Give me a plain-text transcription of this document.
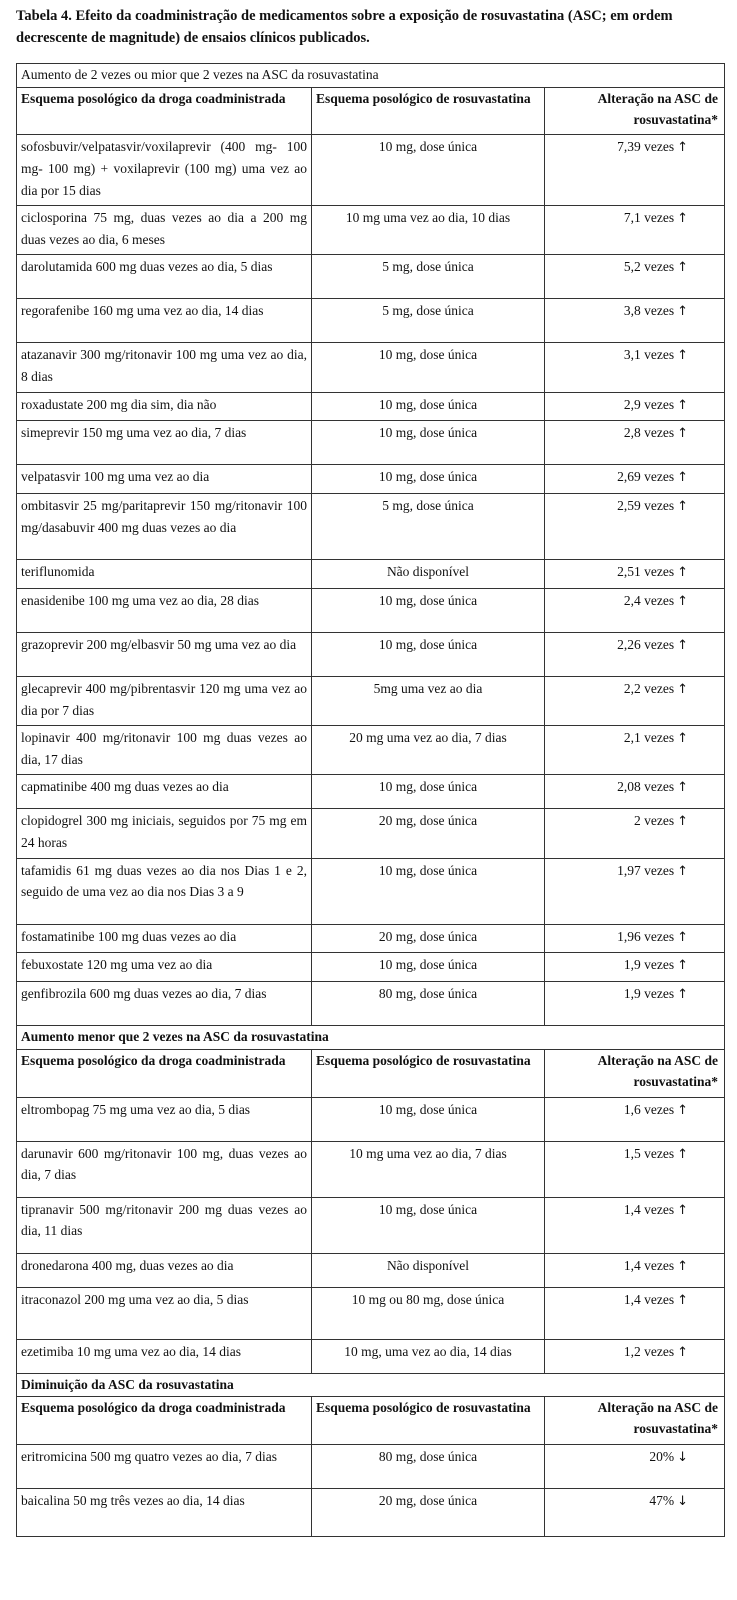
Tabela 4. Efeito da coadministração de medicamentos sobre a exposição de rosuvastatina (ASC; em ordem decrescente de magnitude) de ensaios clínicos publicados.
Aumento de 2 vezes ou mior que 2 vezes na ASC da rosuvastatina		
Esquema posológico da droga coadministrada	Esquema posológico de rosuvastatina	Alteração na ASC de rosuvastatina*
sofosbuvir/velpatasvir/voxilaprevir (400 mg- 100 mg- 100 mg) + voxilaprevir (100 mg) uma vez ao dia por 15 dias	10 mg, dose única	7,39 vezes ↑
ciclosporina 75 mg, duas vezes ao dia a 200 mg duas vezes ao dia, 6 meses	10 mg uma vez ao dia, 10 dias	7,1 vezes ↑
darolutamida 600 mg duas vezes ao dia, 5 dias	5 mg, dose única	5,2 vezes ↑
regorafenibe 160 mg uma vez ao dia, 14 dias	5 mg, dose única	3,8 vezes ↑
atazanavir 300 mg/ritonavir 100 mg uma vez ao dia, 8 dias	10 mg, dose única	3,1 vezes ↑
roxadustate 200 mg dia sim, dia não	10 mg, dose única	2,9 vezes ↑
simeprevir 150 mg uma vez ao dia, 7 dias	10 mg, dose única	2,8 vezes ↑
velpatasvir 100 mg uma vez ao dia	10 mg, dose única	2,69 vezes ↑
ombitasvir 25 mg/paritaprevir 150 mg/ritonavir 100 mg/dasabuvir 400 mg duas vezes ao dia	5 mg, dose única	2,59 vezes ↑
teriflunomida	Não disponível	2,51 vezes ↑
enasidenibe 100 mg uma vez ao dia, 28 dias	10 mg, dose única	2,4 vezes ↑
grazoprevir 200 mg/elbasvir 50 mg uma vez ao dia	10 mg, dose única	2,26 vezes ↑
glecaprevir 400 mg/pibrentasvir 120 mg uma vez ao dia por 7 dias	5mg uma vez ao dia	2,2 vezes ↑
lopinavir 400 mg/ritonavir 100 mg duas vezes ao dia, 17 dias	20 mg uma vez ao dia, 7 dias	2,1 vezes ↑
capmatinibe 400 mg duas vezes ao dia	10 mg, dose única	2,08 vezes ↑
clopidogrel 300 mg iniciais, seguidos por 75 mg em 24 horas	20 mg, dose única	2 vezes ↑
tafamidis 61 mg duas vezes ao dia nos Dias 1 e 2, seguido de uma vez ao dia nos Dias 3 a 9	10 mg, dose única	1,97 vezes ↑
fostamatinibe 100 mg duas vezes ao dia	20 mg, dose única	1,96 vezes ↑
febuxostate 120 mg uma vez ao dia	10 mg, dose única	1,9 vezes ↑
genfibrozila 600 mg duas vezes ao dia, 7 dias	80 mg, dose única	1,9 vezes ↑
Aumento menor que 2 vezes na ASC da rosuvastatina		
Esquema posológico da droga coadministrada	Esquema posológico de rosuvastatina	Alteração na ASC de rosuvastatina*
eltrombopag 75 mg uma vez ao dia, 5 dias	10 mg, dose única	1,6 vezes ↑
darunavir 600 mg/ritonavir 100 mg, duas vezes ao dia, 7 dias	10 mg uma vez ao dia, 7 dias	1,5 vezes ↑
tipranavir 500 mg/ritonavir 200 mg duas vezes ao dia, 11 dias	10 mg, dose única	1,4 vezes ↑
dronedarona 400 mg, duas vezes ao dia	Não disponível	1,4 vezes ↑
itraconazol 200 mg uma vez ao dia, 5 dias	10 mg ou 80 mg, dose única	1,4 vezes ↑
ezetimiba 10 mg uma vez ao dia, 14 dias	10 mg, uma vez ao dia, 14 dias	1,2 vezes ↑
Diminuição da ASC da rosuvastatina		
Esquema posológico da droga coadministrada	Esquema posológico de rosuvastatina	Alteração na ASC de rosuvastatina*
eritromicina 500 mg quatro vezes ao dia, 7 dias	80 mg, dose única	20% ↓
baicalina 50 mg três vezes ao dia, 14 dias	20 mg, dose única	47% ↓
